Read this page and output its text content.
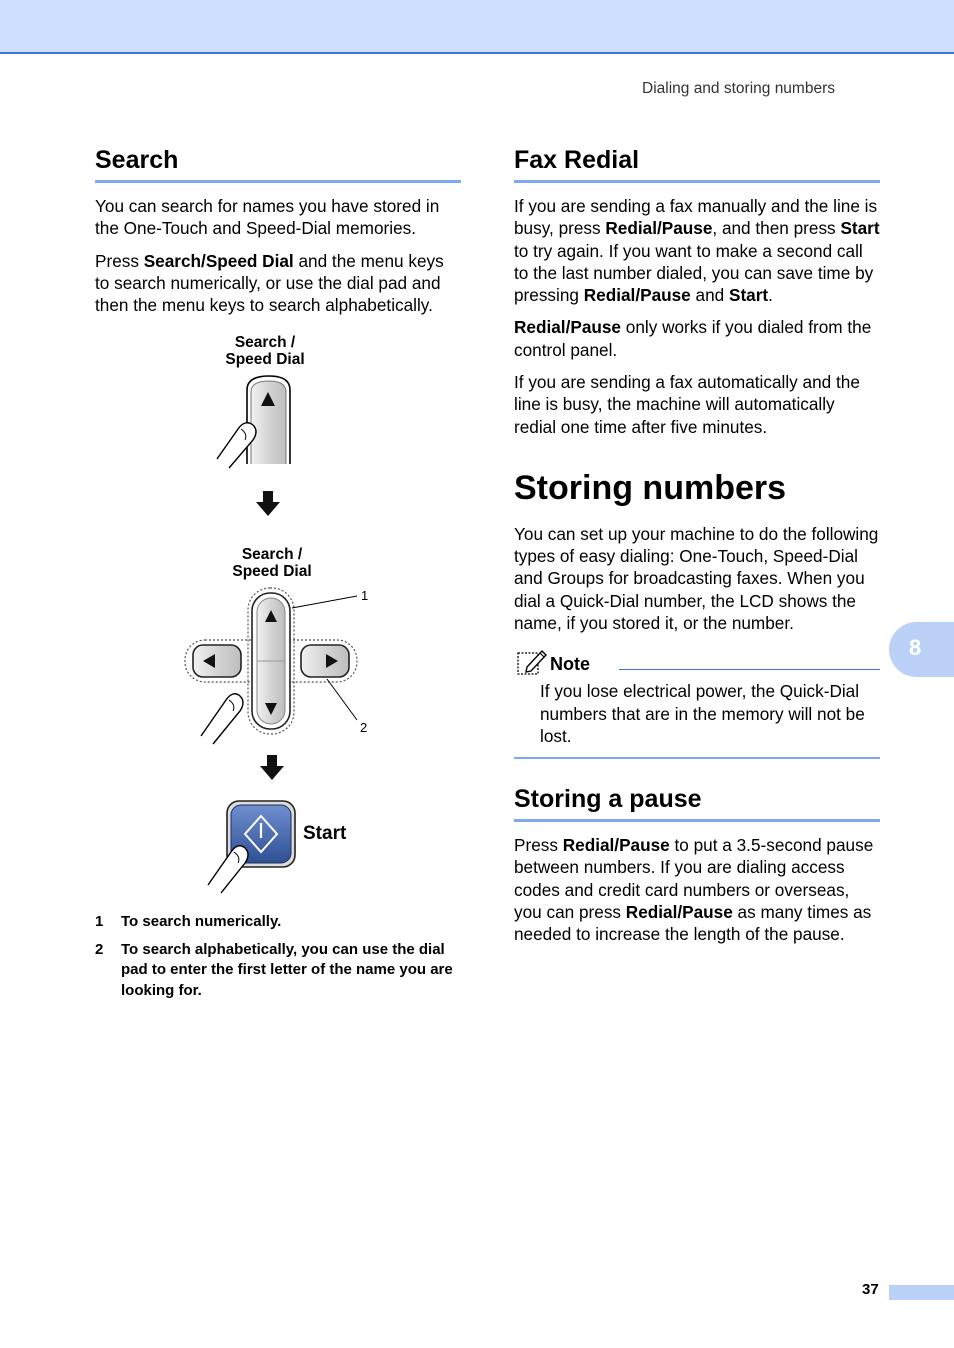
Dialing and storing numbers
Search

You can search for names you have stored in the One-Touch and Speed-Dial memories.

Press Search/Speed Dial and the menu keys to search numerically, or use the dial pad and then the menu keys to search alphabetically.

Search /
Speed Dial
Search /
Speed Dial
1
2
Start
1 To search numerically.
2 To search alphabetically, you can use the dial pad to enter the first letter of the name you are looking for.
Fax Redial

If you are sending a fax manually and the line is busy, press Redial/Pause, and then press Start to try again. If you want to make a second call to the last number dialed, you can save time by pressing Redial/Pause and Start.

Redial/Pause only works if you dialed from the control panel.

If you are sending a fax automatically and the line is busy, the machine will automatically redial one time after five minutes.

Storing numbers

You can set up your machine to do the following types of easy dialing: One-Touch, Speed-Dial and Groups for broadcasting faxes. When you dial a Quick-Dial number, the LCD shows the name, if you stored it, or the number.

Note
If you lose electrical power, the Quick-Dial numbers that are in the memory will not be lost.
Storing a pause

Press Redial/Pause to put a 3.5-second pause between numbers. If you are dialing access codes and credit card numbers or overseas, you can press Redial/Pause as many times as needed to increase the length of the pause.

8
37
